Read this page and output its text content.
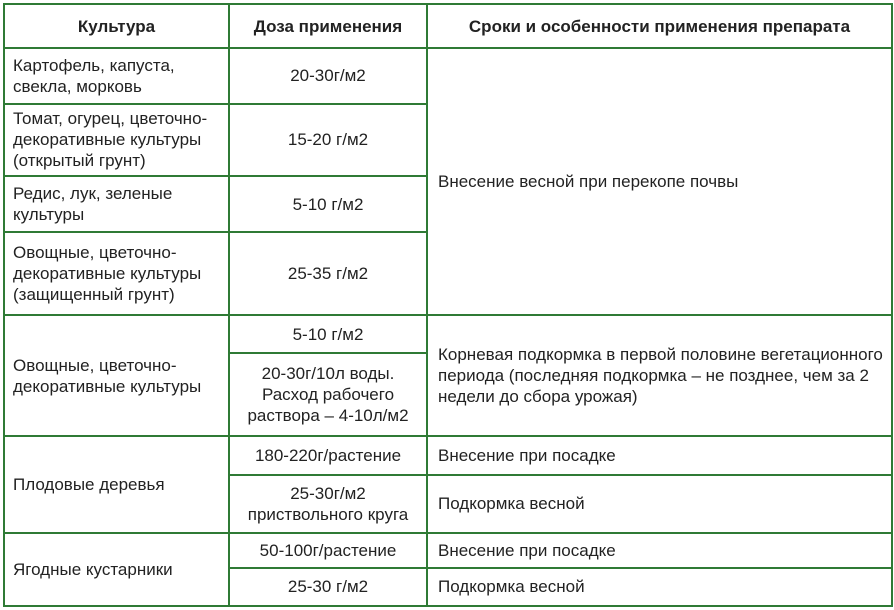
Культура	Доза применения	Сроки и особенности применения препарата
Картофель, капуста,
свекла, морковь	20-30г/м2	Внесение весной при перекопе почвы
Томат, огурец, цветочно-
декоративные культуры
(открытый грунт)	15-20 г/м2	
Редис, лук, зеленые
культуры	5-10 г/м2	
Овощные, цветочно-
декоративные культуры
(защищенный грунт)	25-35 г/м2	
Овощные, цветочно-
декоративные культуры	5-10 г/м2	Корневая подкормка в первой половине вегетационного
периода (последняя подкормка – не позднее, чем за 2
недели до сбора урожая)
	20-30г/10л воды.
Расход рабочего
раствора – 4-10л/м2	
Плодовые деревья	180-220г/растение	Внесение при посадке
	25-30г/м2
приствольного круга	Подкормка весной
Ягодные кустарники	50-100г/растение	Внесение при посадке
	25-30 г/м2	Подкормка весной
